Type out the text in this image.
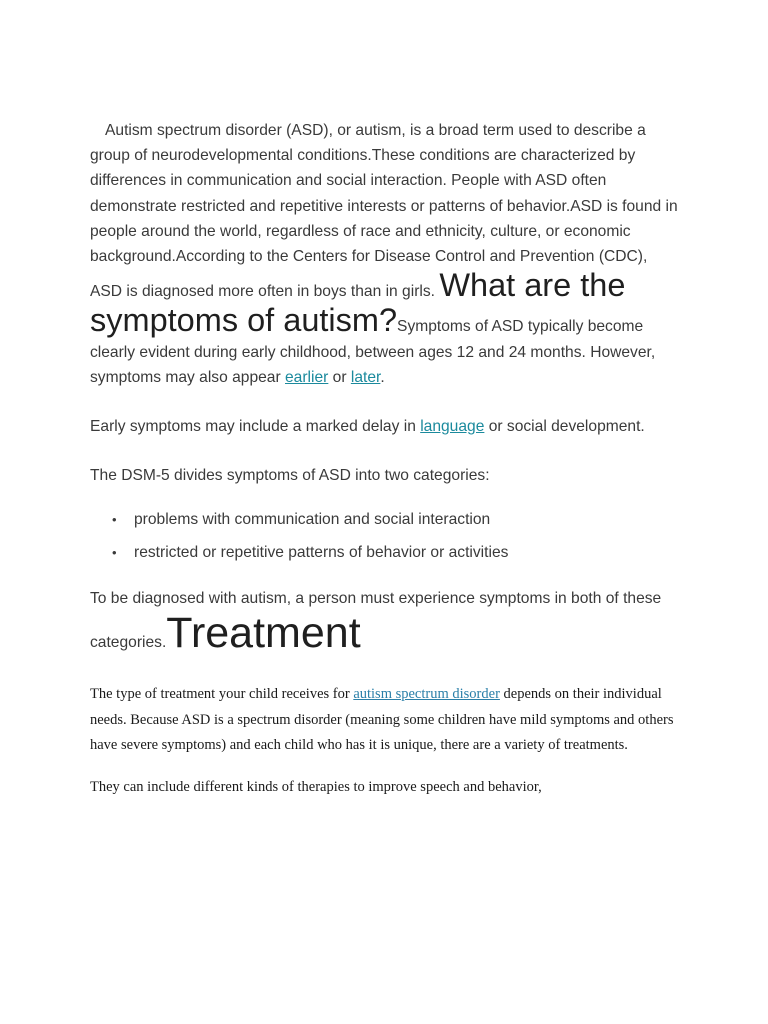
Autism spectrum disorder (ASD), or autism, is a broad term used to describe a group of neurodevelopmental conditions.These conditions are characterized by differences in communication and social interaction. People with ASD often demonstrate restricted and repetitive interests or patterns of behavior.ASD is found in people around the world, regardless of race and ethnicity, culture, or economic background.According to the Centers for Disease Control and Prevention (CDC), ASD is diagnosed more often in boys than in girls. What are the symptoms of autism?Symptoms of ASD typically become clearly evident during early childhood, between ages 12 and 24 months. However, symptoms may also appear earlier or later.

Early symptoms may include a marked delay in language or social development.

The DSM-5 divides symptoms of ASD into two categories:

• problems with communication and social interaction
• restricted or repetitive patterns of behavior or activities

To be diagnosed with autism, a person must experience symptoms in both of these categories.Treatment

The type of treatment your child receives for autism spectrum disorder depends on their individual needs. Because ASD is a spectrum disorder (meaning some children have mild symptoms and others have severe symptoms) and each child who has it is unique, there are a variety of treatments.

They can include different kinds of therapies to improve speech and behavior,
